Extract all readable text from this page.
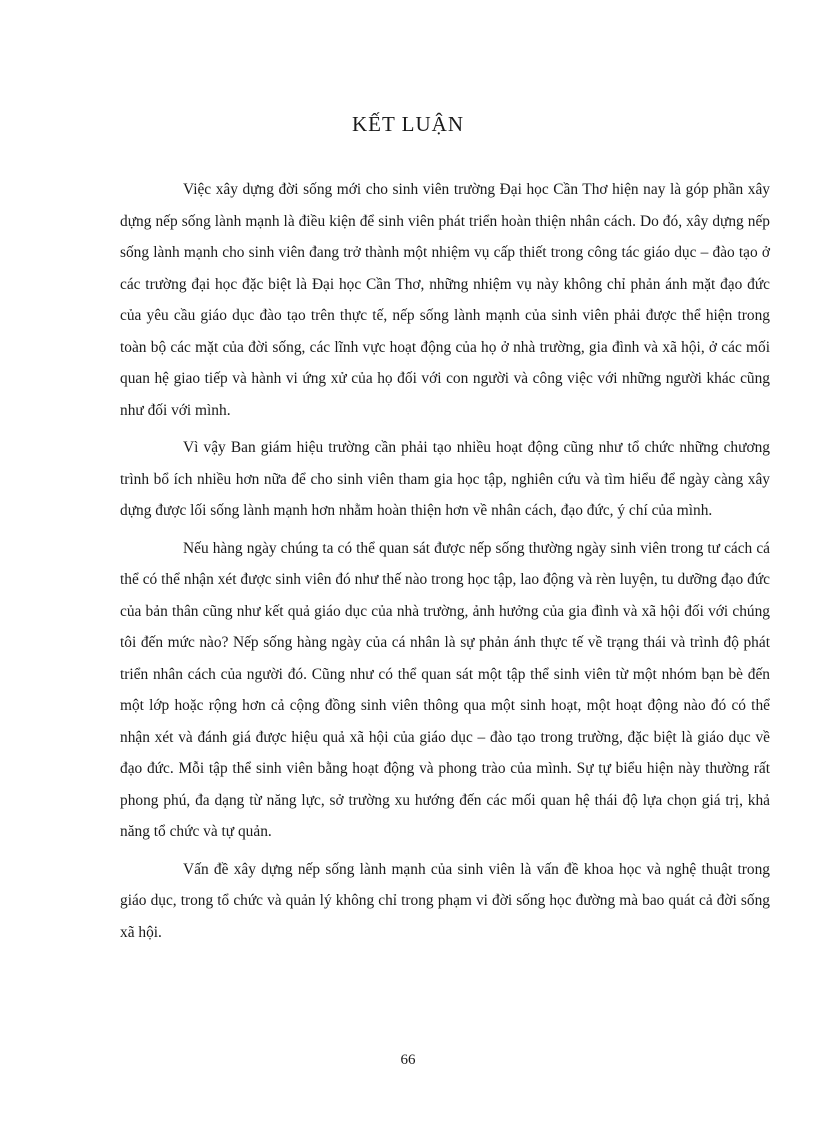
KẾT LUẬN

Việc xây dựng đời sống mới cho sinh viên trường Đại học Cần Thơ hiện nay là góp phần xây dựng nếp sống lành mạnh là điều kiện để sinh viên phát triển hoàn thiện nhân cách. Do đó, xây dựng nếp sống lành mạnh cho sinh viên đang trở thành một nhiệm vụ cấp thiết trong công tác giáo dục – đào tạo ở các trường đại học đặc biệt là Đại học Cần Thơ, những nhiệm vụ này không chỉ phản ánh mặt đạo đức của yêu cầu giáo dục đào tạo trên thực tế, nếp sống lành mạnh của sinh viên phải được thể hiện trong toàn bộ các mặt của đời sống, các lĩnh vực hoạt động của họ ở nhà trường, gia đình và xã hội, ở các mối quan hệ giao tiếp và hành vi ứng xử của họ đối với con người và công việc với những người khác cũng như đối với mình.

Vì vậy Ban giám hiệu trường cần phải tạo nhiều hoạt động cũng như tổ chức những chương trình bổ ích nhiều hơn nữa để cho sinh viên tham gia học tập, nghiên cứu và tìm hiểu để ngày càng xây dựng được lối sống lành mạnh hơn nhằm hoàn thiện hơn về nhân cách, đạo đức, ý chí của mình.

Nếu hàng ngày chúng ta có thể quan sát được nếp sống thường ngày sinh viên trong tư cách cá thể có thể nhận xét được sinh viên đó như thế nào trong học tập, lao động và rèn luyện, tu dưỡng đạo đức của bản thân cũng như kết quả giáo dục của nhà trường, ảnh hưởng của gia đình và xã hội đối với chúng tôi đến mức nào? Nếp sống hàng ngày của cá nhân là sự phản ánh thực tế về trạng thái và trình độ phát triển nhân cách của người đó. Cũng như có thể quan sát một tập thể sinh viên từ một nhóm bạn bè đến một lớp hoặc rộng hơn cả cộng đồng sinh viên thông qua một sinh hoạt, một hoạt động nào đó có thể nhận xét và đánh giá được hiệu quả xã hội của giáo dục – đào tạo trong trường, đặc biệt là giáo dục về đạo đức. Mỗi tập thể sinh viên bằng hoạt động và phong trào của mình. Sự tự biểu hiện này thường rất phong phú, đa dạng từ năng lực, sở trường xu hướng đến các mối quan hệ thái độ lựa chọn giá trị, khả năng tổ chức và tự quản.

Vấn đề xây dựng nếp sống lành mạnh của sinh viên là vấn đề khoa học và nghệ thuật trong giáo dục, trong tổ chức và quản lý không chỉ trong phạm vi đời sống học đường mà bao quát cả đời sống xã hội.

66
